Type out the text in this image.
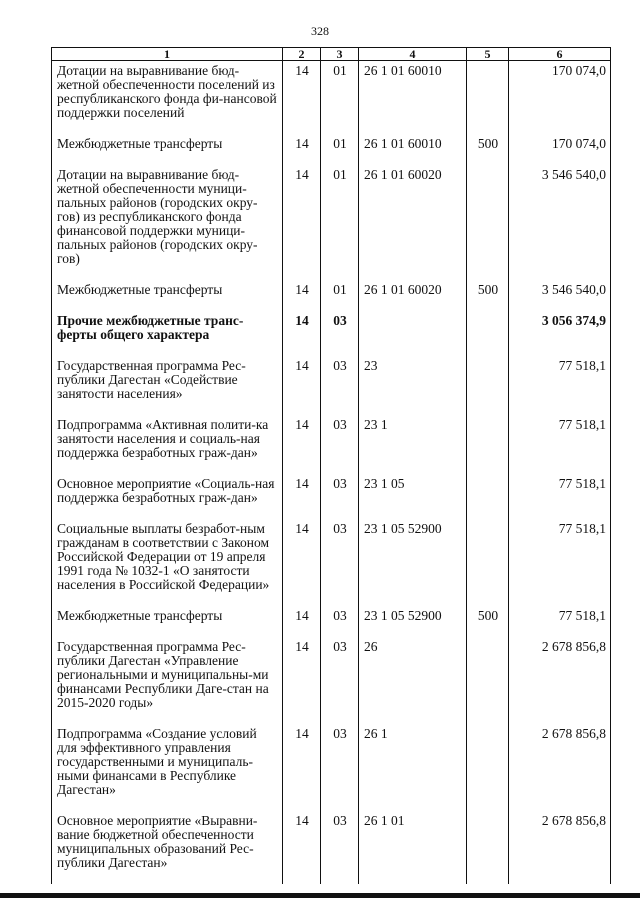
328
1	2	3	4	5	6
Дотации на выравнивание бюд-жетной обеспеченности поселений из республиканского фонда фи-нансовой поддержки поселений	14	01	26 1 01 60010		170 074,0
Межбюджетные трансферты	14	01	26 1 01 60010	500	170 074,0
Дотации на выравнивание бюд-жетной обеспеченности муници-пальных районов (городских окру-гов) из республиканского фонда финансовой поддержки муници-пальных районов (городских окру-гов)	14	01	26 1 01 60020		3 546 540,0
Межбюджетные трансферты	14	01	26 1 01 60020	500	3 546 540,0
Прочие межбюджетные транс-ферты общего характера	14	03			3 056 374,9
Государственная программа Рес-публики Дагестан «Содействие занятости населения»	14	03	23		77 518,1
Подпрограмма «Активная полити-ка занятости населения и социаль-ная поддержка безработных граж-дан»	14	03	23 1		77 518,1
Основное мероприятие «Социаль-ная поддержка безработных граж-дан»	14	03	23 1 05		77 518,1
Социальные выплаты безработ-ным гражданам в соответствии с Законом Российской Федерации от 19 апреля 1991 года № 1032-1 «О занятости населения в Российской Федерации»	14	03	23 1 05 52900		77 518,1
Межбюджетные трансферты	14	03	23 1 05 52900	500	77 518,1
Государственная программа Рес-публики Дагестан «Управление региональными и муниципальны-ми финансами Республики Даге-стан на 2015-2020 годы»	14	03	26		2 678 856,8
Подпрограмма «Создание условий для эффективного управления государственными и муниципаль-ными финансами в Республике Дагестан»	14	03	26 1		2 678 856,8
Основное мероприятие «Выравни-вание бюджетной обеспеченности муниципальных образований Рес-публики Дагестан»	14	03	26 1 01		2 678 856,8
